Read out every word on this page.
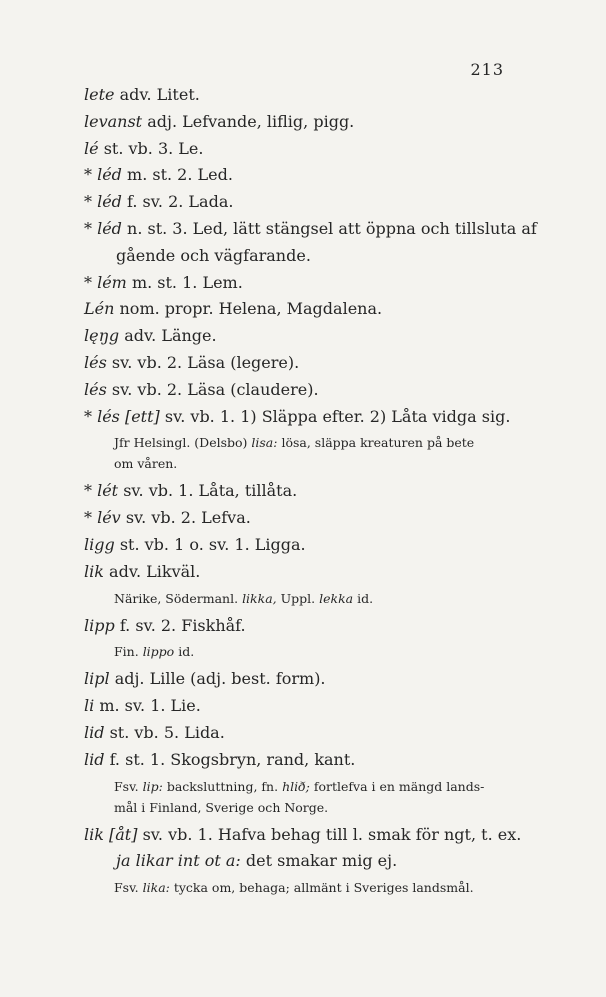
213
lete adv. Litet.
levanst adj. Lefvande, liflig, pigg.
lé st. vb. 3. Le.
* léd m. st. 2. Led.
* léd f. sv. 2. Lada.
* léd n. st. 3. Led, lätt stängsel att öppna och tillsluta af
gående och vägfarande.
* lém m. st. 1. Lem.
Lén nom. propr. Helena, Magdalena.
lęŋg adv. Länge.
lés sv. vb. 2. Läsa (legere).
lés sv. vb. 2. Läsa (claudere).
* lés [ett] sv. vb. 1. 1) Släppa efter. 2) Låta vidga sig.
Jfr Helsingl. (Delsbo) lisa: lösa, släppa kreaturen på bete
om våren.
* lét sv. vb. 1. Låta, tillåta.
* lév sv. vb. 2. Lefva.
ligg st. vb. 1 o. sv. 1. Ligga.
lik adv. Likväl.
Närike, Södermanl. likka, Uppl. lekka id.
lipp f. sv. 2. Fiskhåf.
Fin. lippo id.
lipl adj. Lille (adj. best. form).
li m. sv. 1. Lie.
lid st. vb. 5. Lida.
lid f. st. 1. Skogsbryn, rand, kant.
Fsv. lip: backsluttning, fn. hlið; fortlefva i en mängd lands-
mål i Finland, Sverige och Norge.
lik [åt] sv. vb. 1. Hafva behag till l. smak för ngt, t. ex.
ja likar int ot a: det smakar mig ej.
Fsv. lika: tycka om, behaga; allmänt i Sveriges landsmål.
